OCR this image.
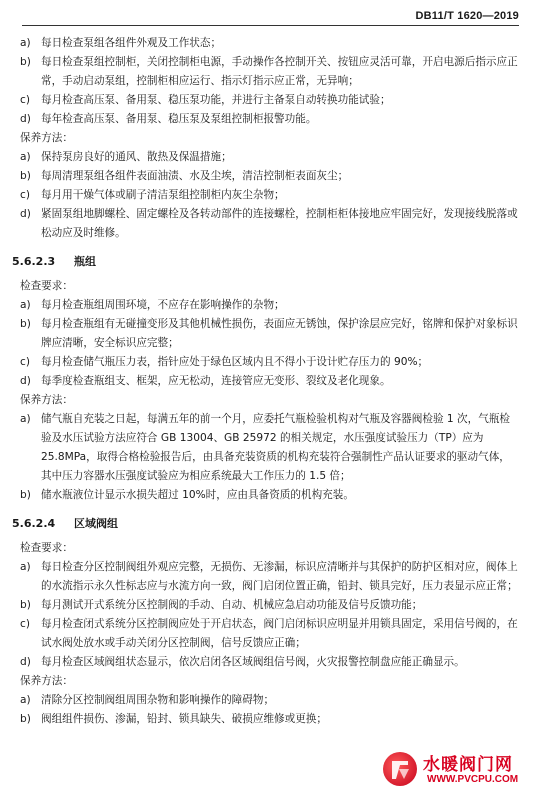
DB11/T 1620—2019

a) 每日检查泵组各组件外观及工作状态；

b) 每日检查泵组控制柜，关闭控制柜电源，手动操作各控制开关、按钮应灵活可靠，开启电源后指示应正常，手动启动泵组，控制柜相应运行、指示灯指示应正常，无异响；

c) 每月检查高压泵、备用泵、稳压泵功能，并进行主备泵自动转换功能试验；

d) 每年检查高压泵、备用泵、稳压泵及泵组控制柜报警功能。

保养方法：

a) 保持泵房良好的通风、散热及保温措施；

b) 每周清理泵组各组件表面油渍、水及尘埃，清洁控制柜表面灰尘；

c) 每月用干燥气体或刷子清洁泵组控制柜内灰尘杂物；

d) 紧固泵组地脚螺栓、固定螺栓及各转动部件的连接螺栓，控制柜柜体接地应牢固完好，发现接线脱落或松动应及时维修。

5.6.2.3 瓶组

检查要求：

a) 每月检查瓶组周围环境，不应存在影响操作的杂物；

b) 每月检查瓶组有无碰撞变形及其他机械性损伤，表面应无锈蚀，保护涂层应完好，铭牌和保护对象标识牌应清晰，安全标识应完整；

c) 每月检查储气瓶压力表，指针应处于绿色区域内且不得小于设计贮存压力的 90%；

d) 每季度检查瓶组支、框架，应无松动，连接管应无变形、裂纹及老化现象。

保养方法：

a) 储气瓶自充装之日起，每满五年的前一个月，应委托气瓶检验机构对气瓶及容器阀检验 1 次，气瓶检验及水压试验方法应符合 GB 13004、GB 25972 的相关规定，水压强度试验压力（TP）应为 25.8MPa，取得合格检验报告后，由具备充装资质的机构充装符合强制性产品认证要求的驱动气体，其中压力容器水压强度试验应为相应系统最大工作压力的 1.5 倍；

b) 储水瓶液位计显示水损失超过 10%时，应由具备资质的机构充装。

5.6.2.4 区域阀组

检查要求：

a) 每日检查分区控制阀组外观应完整，无损伤、无渗漏，标识应清晰并与其保护的防护区相对应，阀体上的水流指示永久性标志应与水流方向一致，阀门启闭位置正确，铅封、锁具完好，压力表显示应正常；

b) 每月测试开式系统分区控制阀的手动、自动、机械应急启动功能及信号反馈功能；

c) 每月检查闭式系统分区控制阀应处于开启状态，阀门启闭标识应明显并用锁具固定，采用信号阀的，在试水阀处放水或手动关闭分区控制阀，信号反馈应正确；

d) 每月检查区域阀组状态显示，依次启闭各区域阀组信号阀，火灾报警控制盘应能正确显示。

保养方法：

a) 清除分区控制阀组周围杂物和影响操作的障碍物；

b) 阀组组件损伤、渗漏，铅封、锁具缺失、破损应维修或更换；

水暖阀门网
WWW.PVCPU.COM
